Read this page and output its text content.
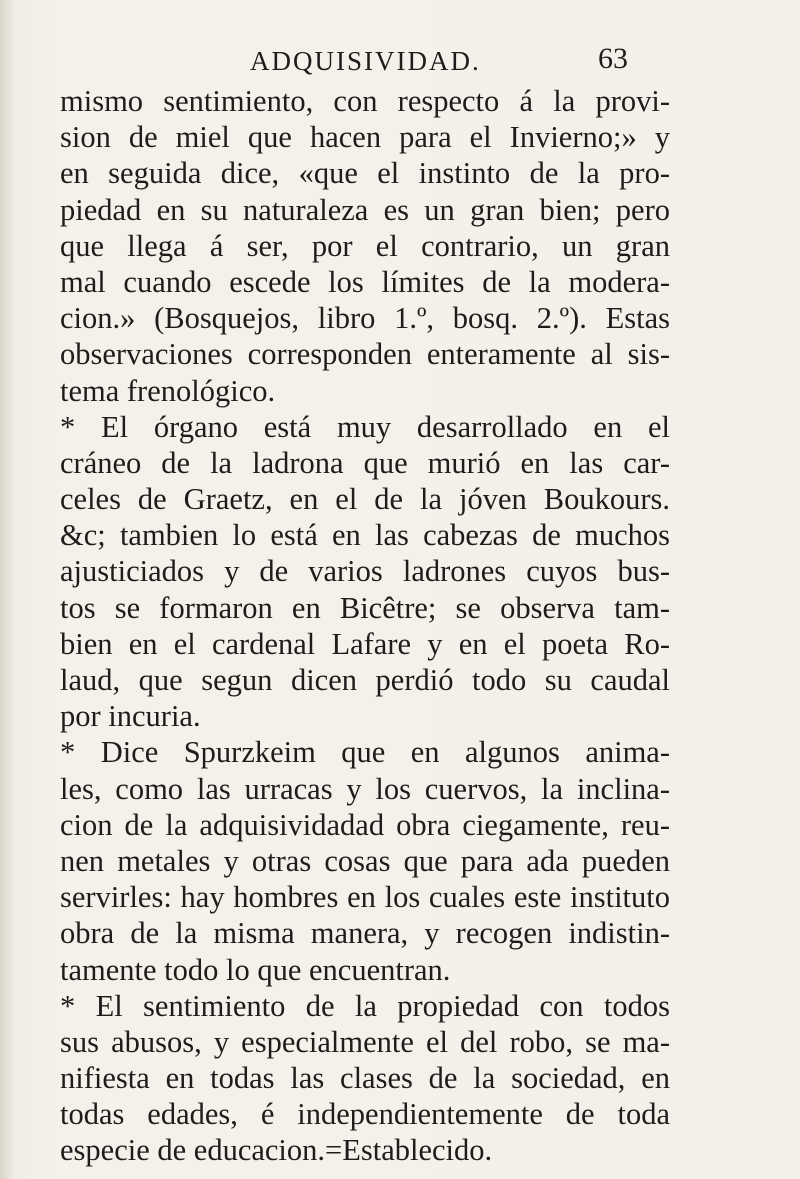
ADQUISIVIDAD.	63
mismo sentimiento, con respecto á la provi-
sion de miel que hacen para el Invierno;» y
en seguida dice, «que el instinto de la pro-
piedad en su naturaleza es un gran bien; pero
que llega á ser, por el contrario, un gran
mal cuando escede los límites de la modera-
cion.» (Bosquejos, libro 1.º, bosq. 2.º). Estas
observaciones corresponden enteramente al sis-
tema frenológico.
* El órgano está muy desarrollado en el
cráneo de la ladrona que murió en las car-
celes de Graetz, en el de la jóven Boukours.
&c; tambien lo está en las cabezas de muchos
ajusticiados y de varios ladrones cuyos bus-
tos se formaron en Bicêtre; se observa tam-
bien en el cardenal Lafare y en el poeta Ro-
laud, que segun dicen perdió todo su caudal
por incuria.
* Dice Spurzkeim que en algunos anima-
les, como las urracas y los cuervos, la inclina-
cion de la adquisividadad obra ciegamente, reu-
nen metales y otras cosas que para ada pueden
servirles: hay hombres en los cuales este instituto
obra de la misma manera, y recogen indistin-
tamente todo lo que encuentran.
* El sentimiento de la propiedad con todos
sus abusos, y especialmente el del robo, se ma-
nifiesta en todas las clases de la sociedad, en
todas edades, é independientemente de toda
especie de educacion.=Establecido.
